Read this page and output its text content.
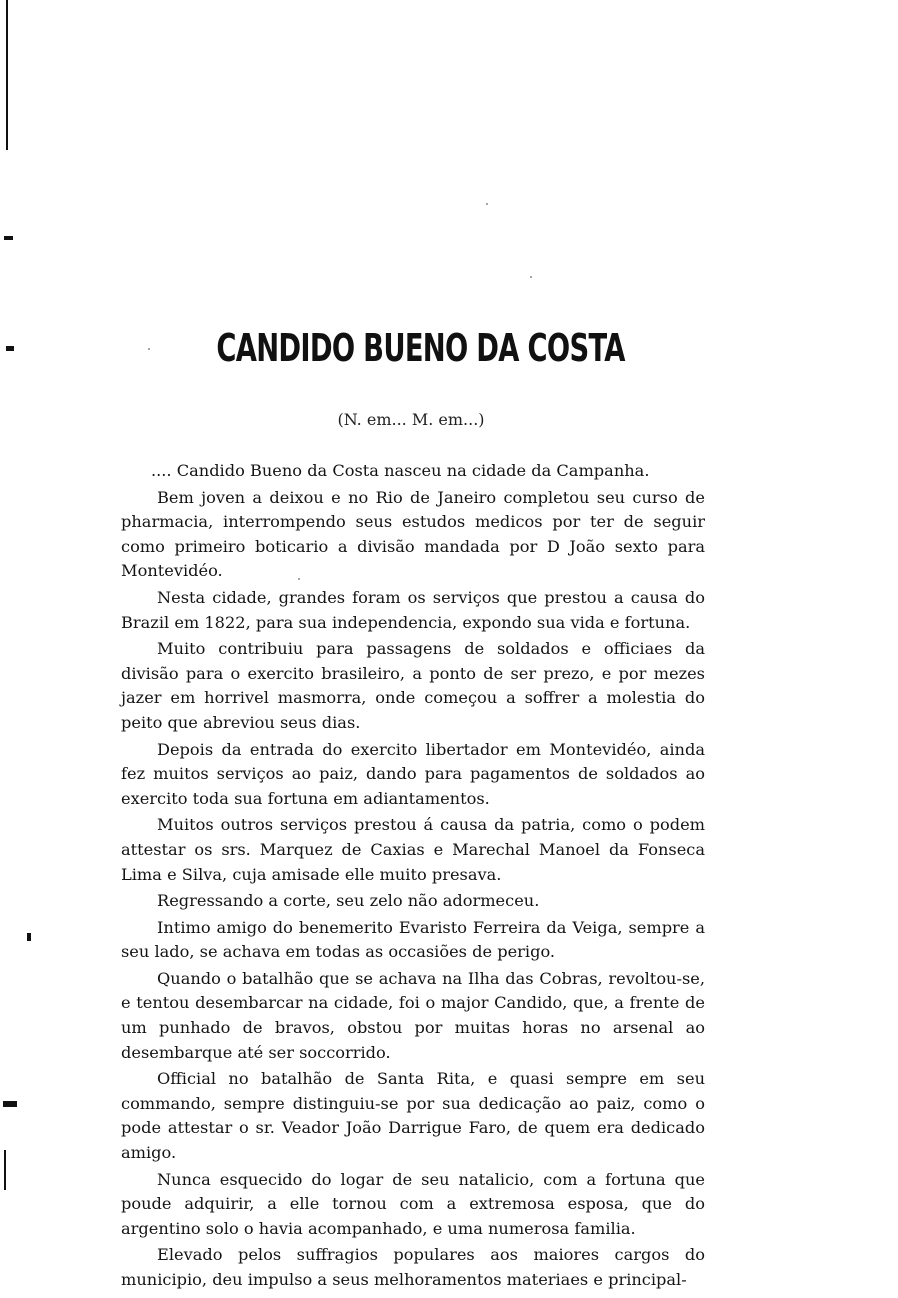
CANDIDO BUENO DA COSTA
(N. em... M. em...)

.... Candido Bueno da Costa nasceu na cidade da Campanha.

Bem joven a deixou e no Rio de Janeiro completou seu curso de pharmacia, interrompendo seus estudos medicos por ter de seguir como primeiro boticario a divisão mandada por D João sexto para Montevidéo.

Nesta cidade, grandes foram os serviços que prestou a causa do Brazil em 1822, para sua independencia, expondo sua vida e fortuna.

Muito contribuiu para passagens de soldados e officiaes da divisão para o exercito brasileiro, a ponto de ser prezo, e por mezes jazer em horrivel masmorra, onde começou a soffrer a molestia do peito que abreviou seus dias.

Depois da entrada do exercito libertador em Montevidéo, ainda fez muitos serviços ao paiz, dando para pagamentos de soldados ao exercito toda sua fortuna em adiantamentos.

Muitos outros serviços prestou á causa da patria, como o podem attestar os srs. Marquez de Caxias e Marechal Manoel da Fonseca Lima e Silva, cuja amisade elle muito presava.

Regressando a corte, seu zelo não adormeceu.

Intimo amigo do benemerito Evaristo Ferreira da Veiga, sempre a seu lado, se achava em todas as occasiões de perigo.

Quando o batalhão que se achava na Ilha das Cobras, revoltou-se, e tentou desembarcar na cidade, foi o major Candido, que, a frente de um punhado de bravos, obstou por muitas horas no arsenal ao desembarque até ser soccorrido.

Official no batalhão de Santa Rita, e quasi sempre em seu commando, sempre distinguiu-se por sua dedicação ao paiz, como o pode attestar o sr. Veador João Darrigue Faro, de quem era dedicado amigo.

Nunca esquecido do logar de seu natalicio, com a fortuna que poude adquirir, a elle tornou com a extremosa esposa, que do argentino solo o havia acompanhado, e uma numerosa familia.

Elevado pelos suffragios populares aos maiores cargos do municipio, deu impulso a seus melhoramentos materiaes e principal-
